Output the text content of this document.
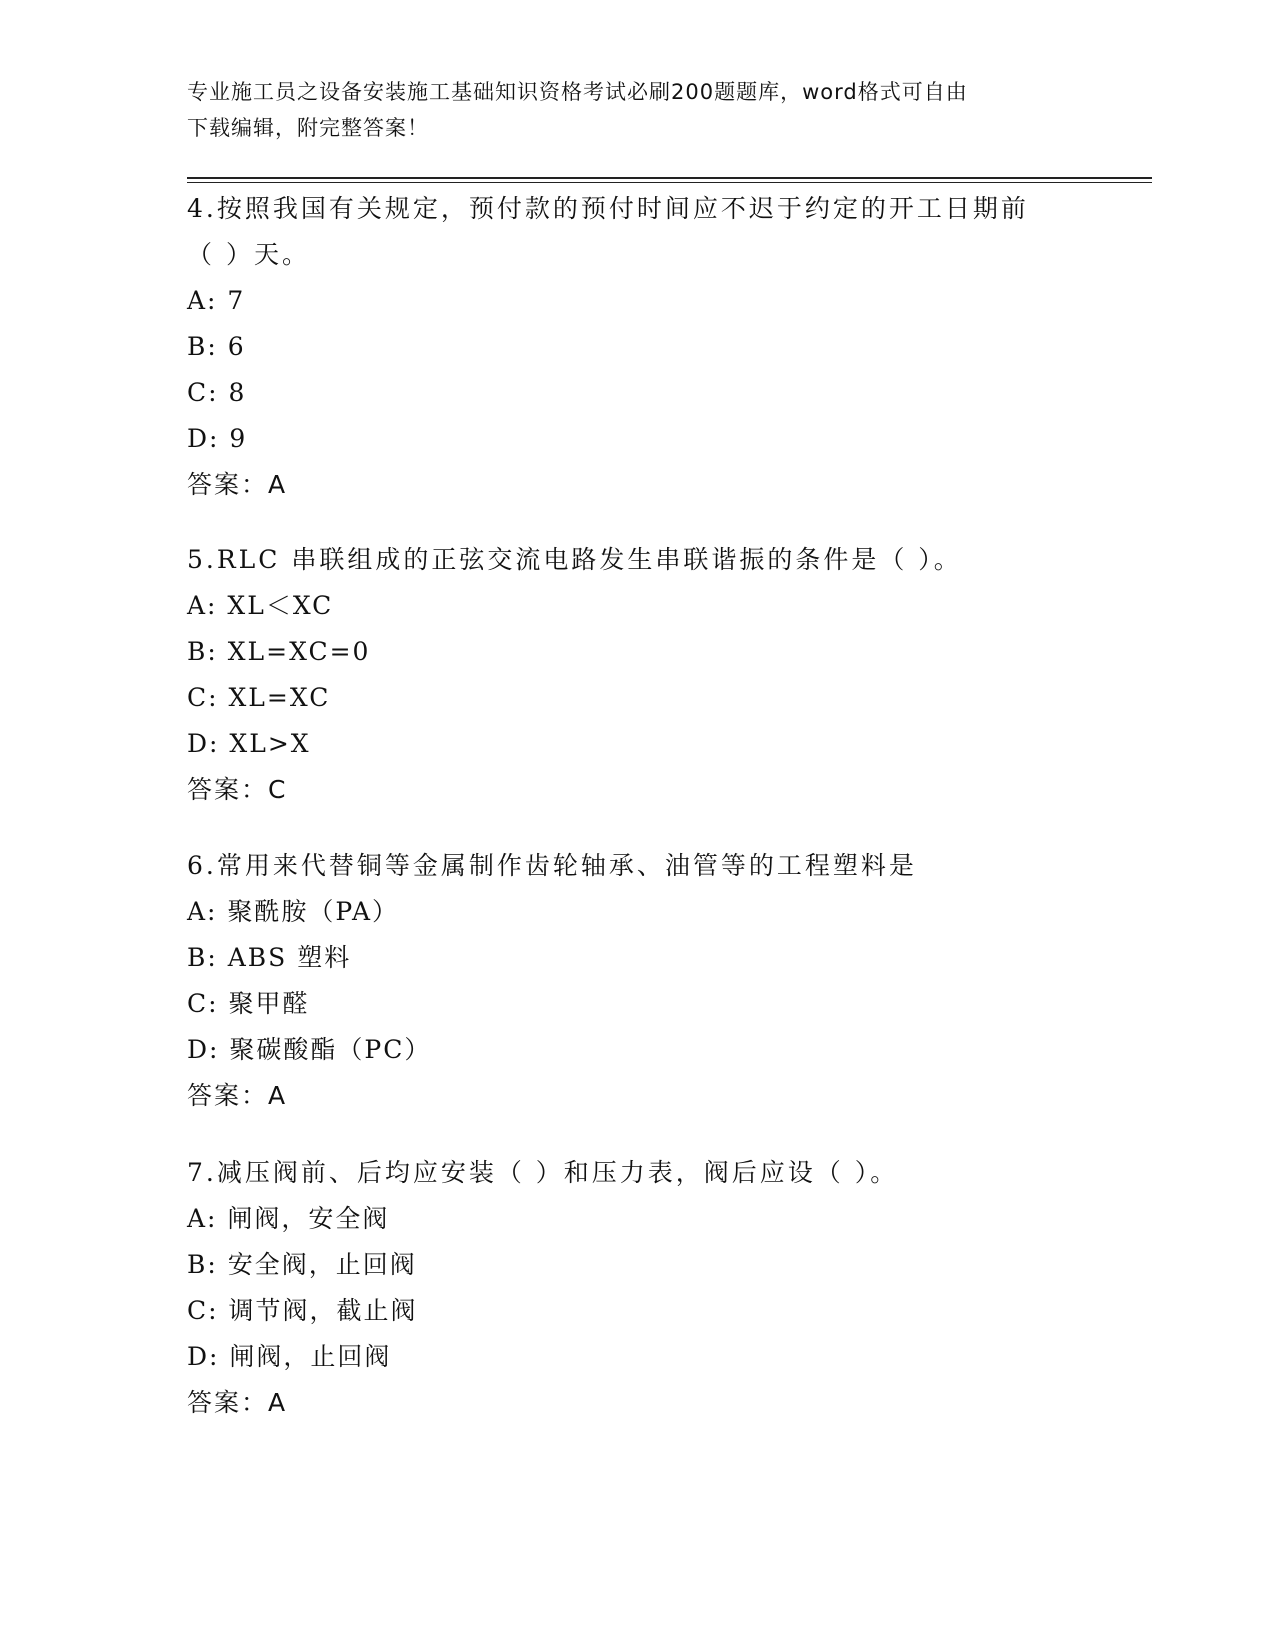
专业施工员之设备安装施工基础知识资格考试必刷200题题库，word格式可自由
下载编辑，附完整答案！

4.按照我国有关规定，预付款的预付时间应不迟于约定的开工日期前

（ ）天。

A: 7

B: 6

C: 8

D: 9

答案：A

5.RLC 串联组成的正弦交流电路发生串联谐振的条件是（ ）。

A: XL＜XC

B: XL=XC=0

C: XL=XC

D: XL>X

答案：C

6.常用来代替铜等金属制作齿轮轴承、油管等的工程塑料是

A: 聚酰胺（PA）

B: ABS 塑料

C: 聚甲醛

D: 聚碳酸酯（PC）

答案：A

7.减压阀前、后均应安装（ ）和压力表，阀后应设（ ）。

A: 闸阀，安全阀

B: 安全阀，止回阀

C: 调节阀，截止阀

D: 闸阀，止回阀

答案：A
